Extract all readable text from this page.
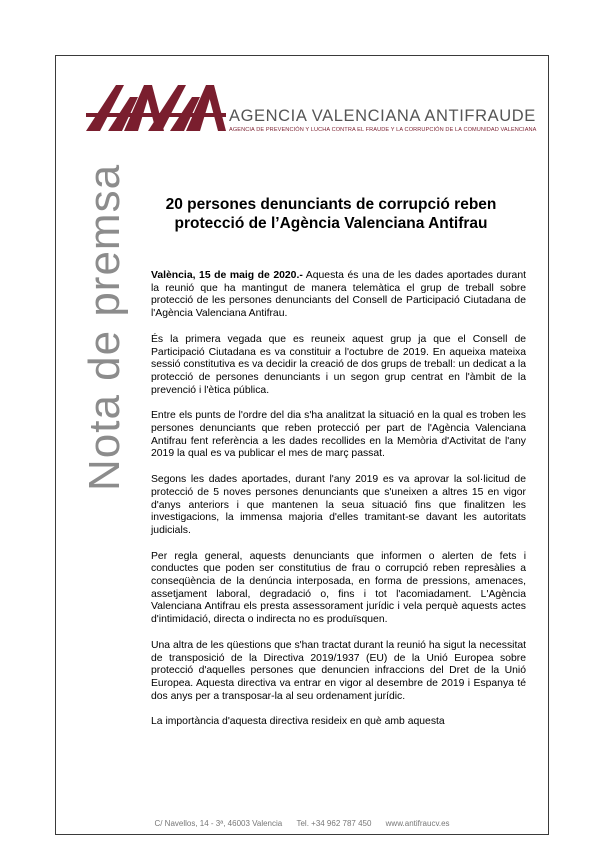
AGENCIA VALENCIANA ANTIFRAUDE
AGENCIA DE PREVENCIÓN Y LUCHA CONTRA EL FRAUDE Y LA CORRUPCIÓN DE LA COMUNIDAD VALENCIANA
Nota de premsa	20 persones denunciants de corrupció reben protecció de l’Agència Valenciana Antifrau

València, 15 de maig de 2020.- Aquesta és una de les dades aportades durant la reunió que ha mantingut de manera telemàtica el grup de treball sobre protecció de les persones denunciants del Consell de Participació Ciutadana de l'Agència Valenciana Antifrau.

És la primera vegada que es reuneix aquest grup ja que el Consell de Participació Ciutadana es va constituir a l'octubre de 2019. En aqueixa mateixa sessió constitutiva es va decidir la creació de dos grups de treball: un dedicat a la protecció de persones denunciants i un segon grup centrat en l'àmbit de la prevenció i l'ètica pública.

Entre els punts de l'ordre del dia s'ha analitzat la situació en la qual es troben les persones denunciants que reben protecció per part de l'Agència Valenciana Antifrau fent referència a les dades recollides en la Memòria d'Activitat de l'any 2019 la qual es va publicar el mes de març passat.

Segons les dades aportades, durant l'any 2019 es va aprovar la sol·licitud de protecció de 5 noves persones denunciants que s'uneixen a altres 15 en vigor d'anys anteriors i que mantenen la seua situació fins que finalitzen les investigacions, la immensa majoria d'elles tramitant-se davant les autoritats judicials.

Per regla general, aquests denunciants que informen o alerten de fets i conductes que poden ser constitutius de frau o corrupció reben represàlies a conseqüència de la denúncia interposada, en forma de pressions, amenaces, assetjament laboral, degradació o, fins i tot l'acomiadament. L'Agència Valenciana Antifrau els presta assessorament jurídic i vela perquè aquests actes d'intimidació, directa o indirecta no es produïsquen.

Una altra de les qüestions que s'han tractat durant la reunió ha sigut la necessitat de transposició de la Directiva 2019/1937 (EU) de la Unió Europea sobre protecció d'aquelles persones que denuncien infraccions del Dret de la Unió Europea. Aquesta directiva va entrar en vigor al desembre de 2019 i Espanya té dos anys per a transposar-la al seu ordenament jurídic.

La importància d'aquesta directiva resideix en què amb aquesta

C/ Navellos, 14 - 3ª, 46003 Valencia Tel. +34 962 787 450 www.antifraucv.es
